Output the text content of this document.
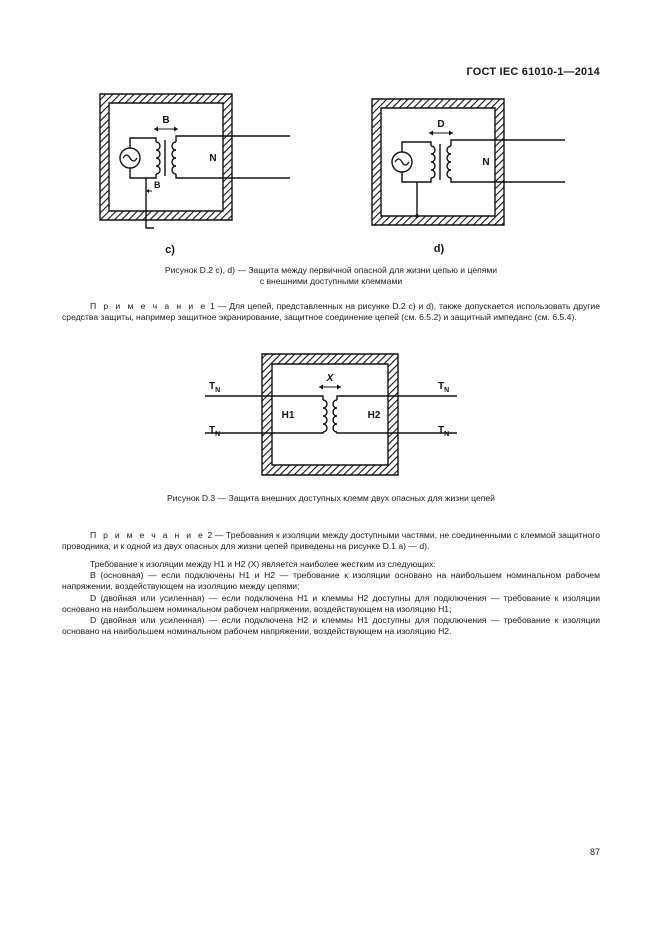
ГОСТ IEC 61010-1—2014
B
N
B
c)
D
N
d)
Рисунок D.2 c), d) — Защита между первичной опасной для жизни цепью и цепями
с внешними доступными клеммами

П р и м е ч а н и е 1 — Для цепей, представленных на рисунке D.2 c) и d), также допускается использовать другие средства защиты, например защитное экранирование, защитное соединение цепей (см. 6.5.2) и защитный импеданс (см. 6.5.4).

X
H1	H2
$T_N$
$T_N$
$T_N$
$T_N$
Рисунок D.3 — Защита внешних доступных клемм двух опасных для жизни цепей

П р и м е ч а н и е 2 — Требования к изоляции между доступными частями, не соединенными с клеммой защитного проводника, и к одной из двух опасных для жизни цепей приведены на рисунке D.1 a) — d).

Требование к изоляции между H1 и H2 (X) является наиболее жестким из следующих:

В (основная) — если подключены H1 и H2 — требование к изоляции основано на наибольшем номинальном рабочем напряжении, воздействующем на изоляцию между цепями;

D (двойная или усиленная) — если подключена H1 и клеммы H2 доступны для подключения — требование к изоляции основано на наибольшем номинальном рабочем напряжении, воздействующем на изоляцию H1;

D (двойная или усиленная) — если подключена H2 и клеммы H1 доступны для подключения — требование к изоляции основано на наибольшем номинальном рабочем напряжении, воздействующем на изоляцию H2.

87
